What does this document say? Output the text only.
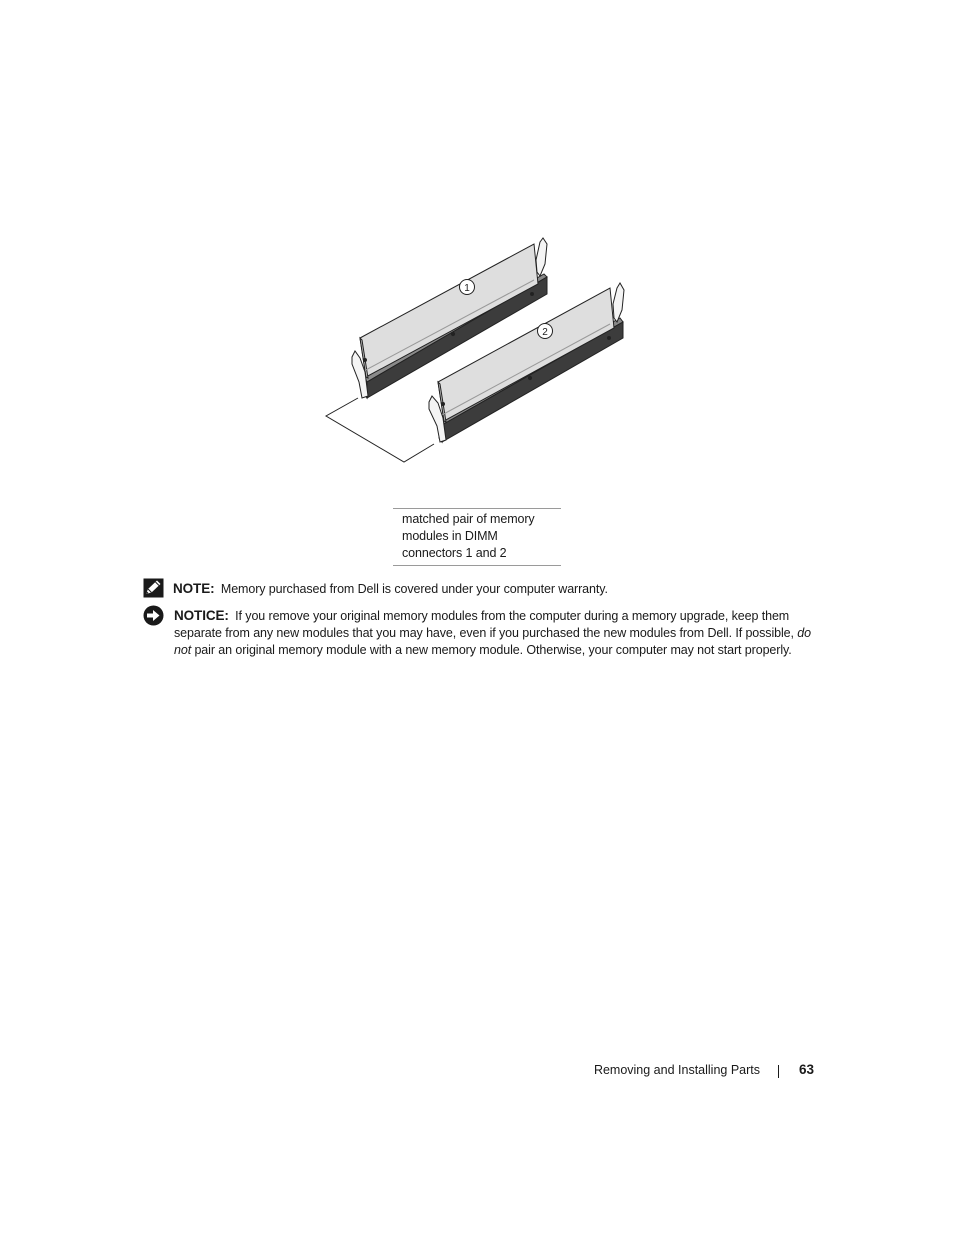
1
2
matched pair of memory
modules in DIMM
connectors 1 and 2
NOTE: Memory purchased from Dell is covered under your computer warranty.
NOTICE: If you remove your original memory modules from the computer during a memory upgrade, keep them separate from any new modules that you may have, even if you purchased the new modules from Dell. If possible, do not pair an original memory module with a new memory module. Otherwise, your computer may not start properly.
Removing and Installing Parts	63
